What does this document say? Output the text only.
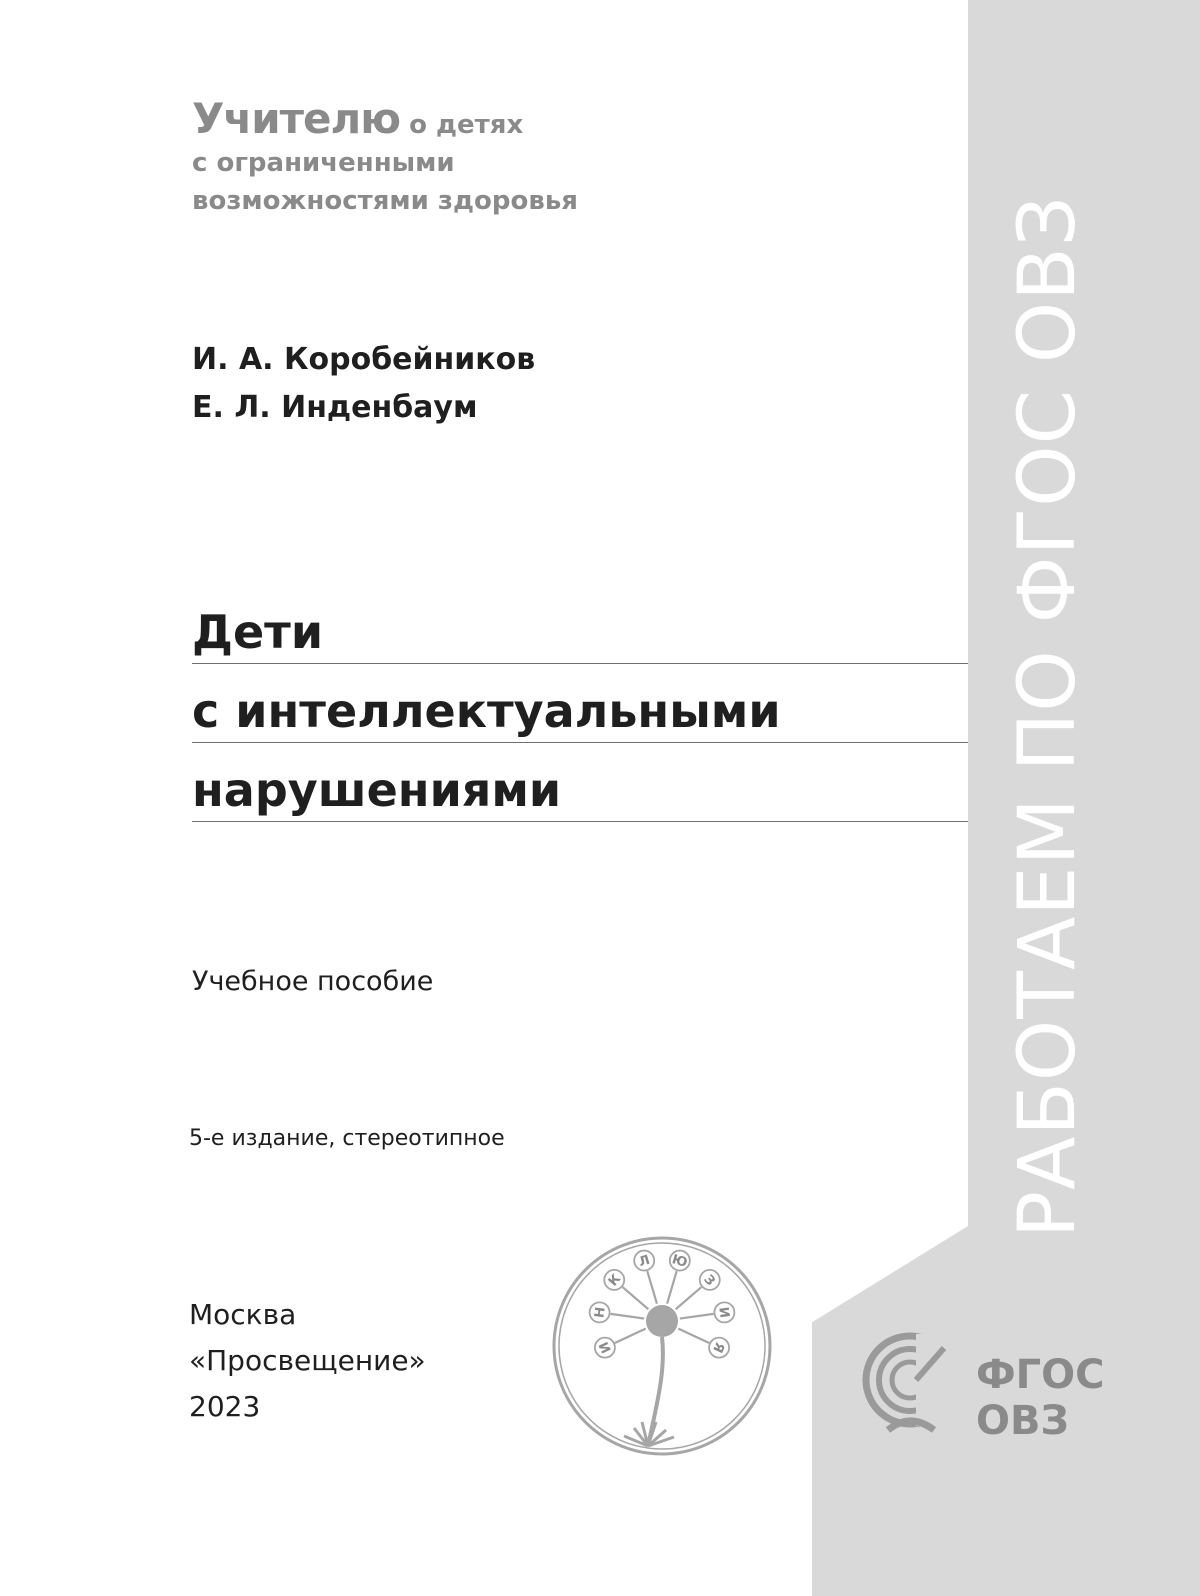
РАБОТАЕМ ПО ФГОС ОВЗ
Учителю о детях
с ограниченными
возможностями здоровья
И. А. Коробейников
Е. Л. Инденбаум
Дети
с интеллектуальными
нарушениями
Учебное пособие
5-е издание, стереотипное
Москва
«Просвещение»
2023
И
Н
К
Л Ю
З
И
Я
ФГОС
ОВЗ
